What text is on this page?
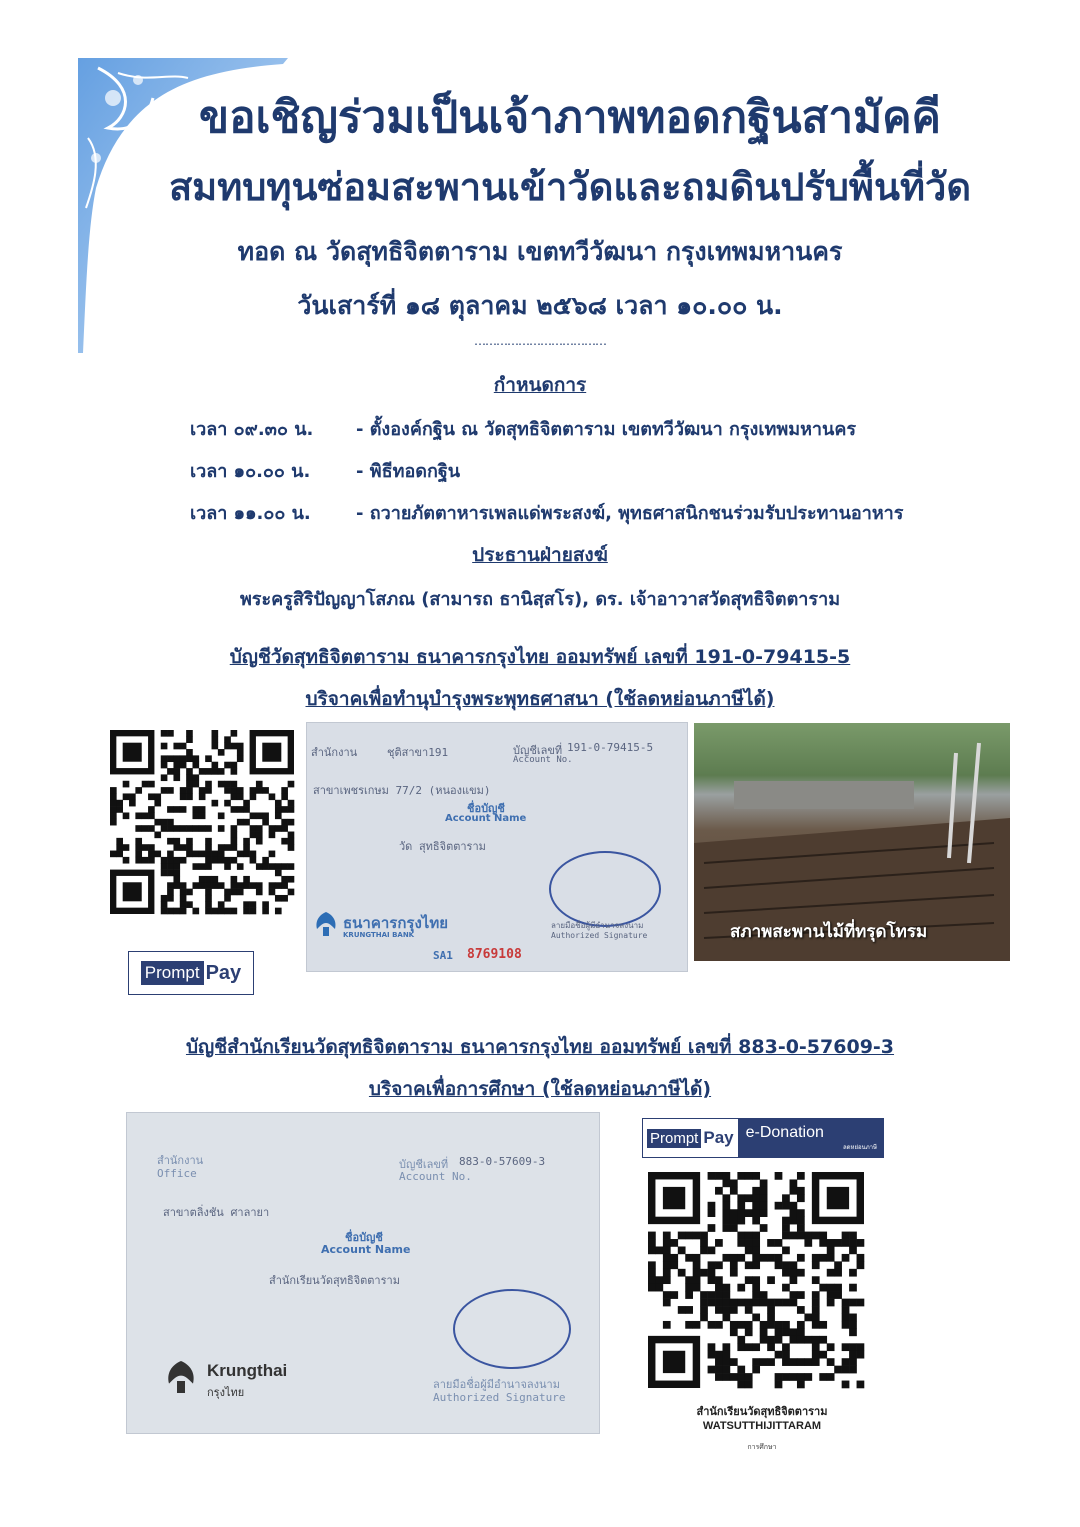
ขอเชิญร่วมเป็นเจ้าภาพทอดกฐินสามัคคี
สมทบทุนซ่อมสะพานเข้าวัดและถมดินปรับพื้นที่วัด
ทอด ณ วัดสุทธิจิตตาราม เขตทวีวัฒนา กรุงเทพมหานคร
วันเสาร์ที่ ๑๘ ตุลาคม ๒๕๖๘ เวลา ๑๐.๐๐ น.
………………………………
กำหนดการ
เวลา ๐๙.๓๐ น. - ตั้งองค์กฐิน ณ วัดสุทธิจิตตาราม เขตทวีวัฒนา กรุงเทพมหานคร
เวลา ๑๐.๐๐ น.	- พิธีทอดกฐิน
เวลา ๑๑.๐๐ น.	- ถวายภัตตาหารเพลแด่พระสงฆ์, พุทธศาสนิกชนร่วมรับประทานอาหาร
ประธานฝ่ายสงฆ์
พระครูสิริปัญญาโสภณ (สามารถ ธานิสฺสโร), ดร. เจ้าอาวาสวัดสุทธิจิตตาราม
บัญชีวัดสุทธิจิตตาราม ธนาคารกรุงไทย ออมทรัพย์ เลขที่ 191-0-79415-5
บริจาคเพื่อทำนุบำรุงพระพุทธศาสนา (ใช้ลดหย่อนภาษีได้)
Prompt Pay
สำนักงาน	ชุติสาขา191	บัญชีเลขที่ 191-0-79415-5
Account No.
สาขาเพชรเกษม 77/2 (หนองแขม)
ชื่อบัญชี
Account Name
วัด สุทธิจิตตาราม
ธนาคารกรุงไทย
KRUNGTHAI BANK
ลายมือชื่อผู้มีอำนาจลงนาม
Authorized Signature
SA1 8769108
สภาพสะพานไม้ที่ทรุดโทรม
บัญชีสำนักเรียนวัดสุทธิจิตตาราม ธนาคารกรุงไทย ออมทรัพย์ เลขที่ 883-0-57609-3
บริจาคเพื่อการศึกษา (ใช้ลดหย่อนภาษีได้)
สำนักงาน
Office
บัญชีเลขที่ 883-0-57609-3
Account No.
สาขาตลิ่งชัน ศาลายา
ชื่อบัญชี
Account Name
สำนักเรียนวัดสุทธิจิตตาราม
Krungthai
กรุงไทย
ลายมือชื่อผู้มีอำนาจลงนาม
Authorized Signature
Prompt Pay e-Donation
ลดหย่อนภาษี
สำนักเรียนวัดสุทธิจิตตาราม
WATSUTTHIJITTARAM
การศึกษา
